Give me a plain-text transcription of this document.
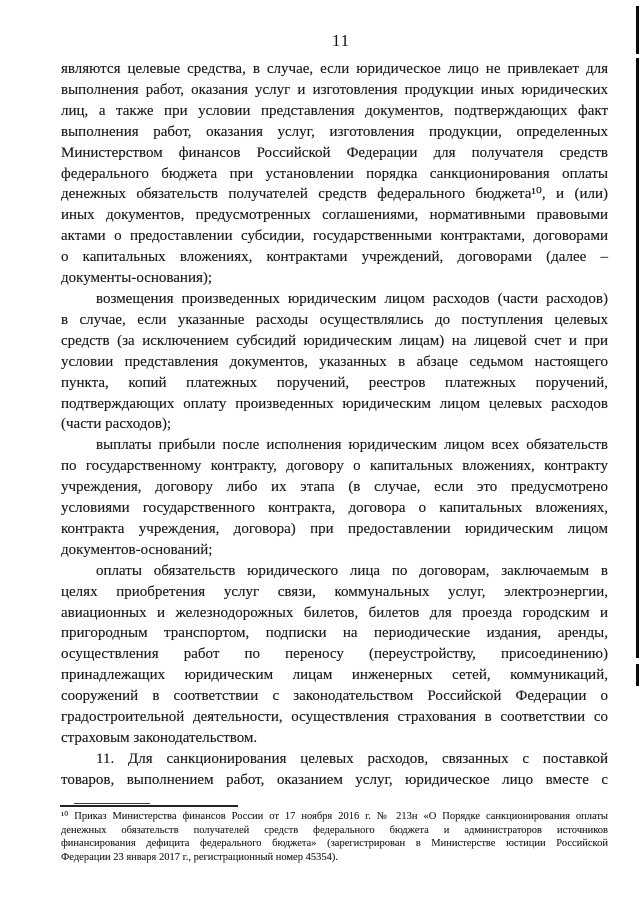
11
являются целевые средства, в случае, если юридическое лицо не привлекает для
выполнения работ, оказания услуг и изготовления продукции иных юридических
лиц, а также при условии представления документов, подтверждающих факт
выполнения работ, оказания услуг, изготовления продукции, определенных
Министерством финансов Российской Федерации для получателя средств
федерального бюджета при установлении порядка санкционирования оплаты
денежных обязательств получателей средств федерального бюджета¹⁰, и (или)
иных документов, предусмотренных соглашениями, нормативными правовыми
актами о предоставлении субсидии, государственными контрактами, договорами
о капитальных вложениях, контрактами учреждений, договорами (далее –
документы-основания);
возмещения произведенных юридическим лицом расходов (части расходов)
в случае, если указанные расходы осуществлялись до поступления целевых
средств (за исключением субсидий юридическим лицам) на лицевой счет и при
условии представления документов, указанных в абзаце седьмом настоящего
пункта, копий платежных поручений, реестров платежных поручений,
подтверждающих оплату произведенных юридическим лицом целевых расходов
(части расходов);
выплаты прибыли после исполнения юридическим лицом всех обязательств
по государственному контракту, договору о капитальных вложениях, контракту
учреждения, договору либо их этапа (в случае, если это предусмотрено
условиями государственного контракта, договора о капитальных вложениях,
контракта учреждения, договора) при предоставлении юридическим лицом
документов-оснований;
оплаты обязательств юридического лица по договорам, заключаемым в
целях приобретения услуг связи, коммунальных услуг, электроэнергии,
авиационных и железнодорожных билетов, билетов для проезда городским и
пригородным транспортом, подписки на периодические издания, аренды,
осуществления работ по переносу (переустройству, присоединению)
принадлежащих юридическим лицам инженерных сетей, коммуникаций,
сооружений в соответствии с законодательством Российской Федерации о
градостроительной деятельности, осуществления страхования в соответствии со
страховым законодательством.
11. Для санкционирования целевых расходов, связанных с поставкой
товаров, выполнением работ, оказанием услуг, юридическое лицо вместе с
¹⁰ Приказ Министерства финансов России от 17 ноября 2016 г. № 213н «О Порядке санкционирования оплаты
денежных обязательств получателей средств федерального бюджета и администраторов источников
финансирования дефицита федерального бюджета» (зарегистрирован в Министерстве юстиции Российской
Федерации 23 января 2017 г., регистрационный номер 45354).
